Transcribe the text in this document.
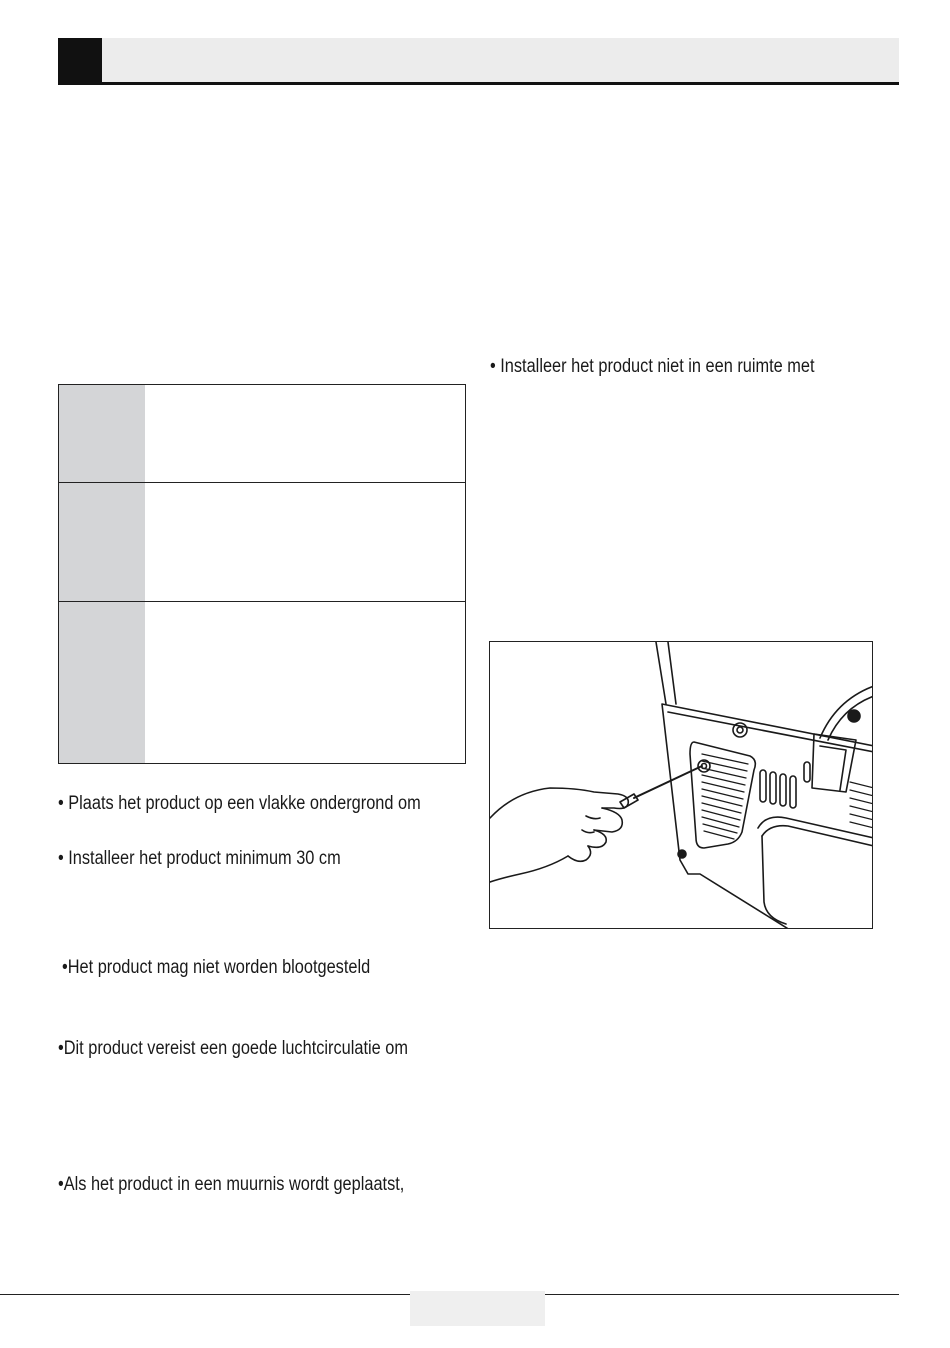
• Installeer het product niet in een ruimte met
• Plaats het product op een vlakke ondergrond om
• Installeer het product minimum 30 cm
•Het product mag niet worden blootgesteld
•Dit product vereist een goede luchtcirculatie om
•Als het product in een muurnis wordt geplaatst,
